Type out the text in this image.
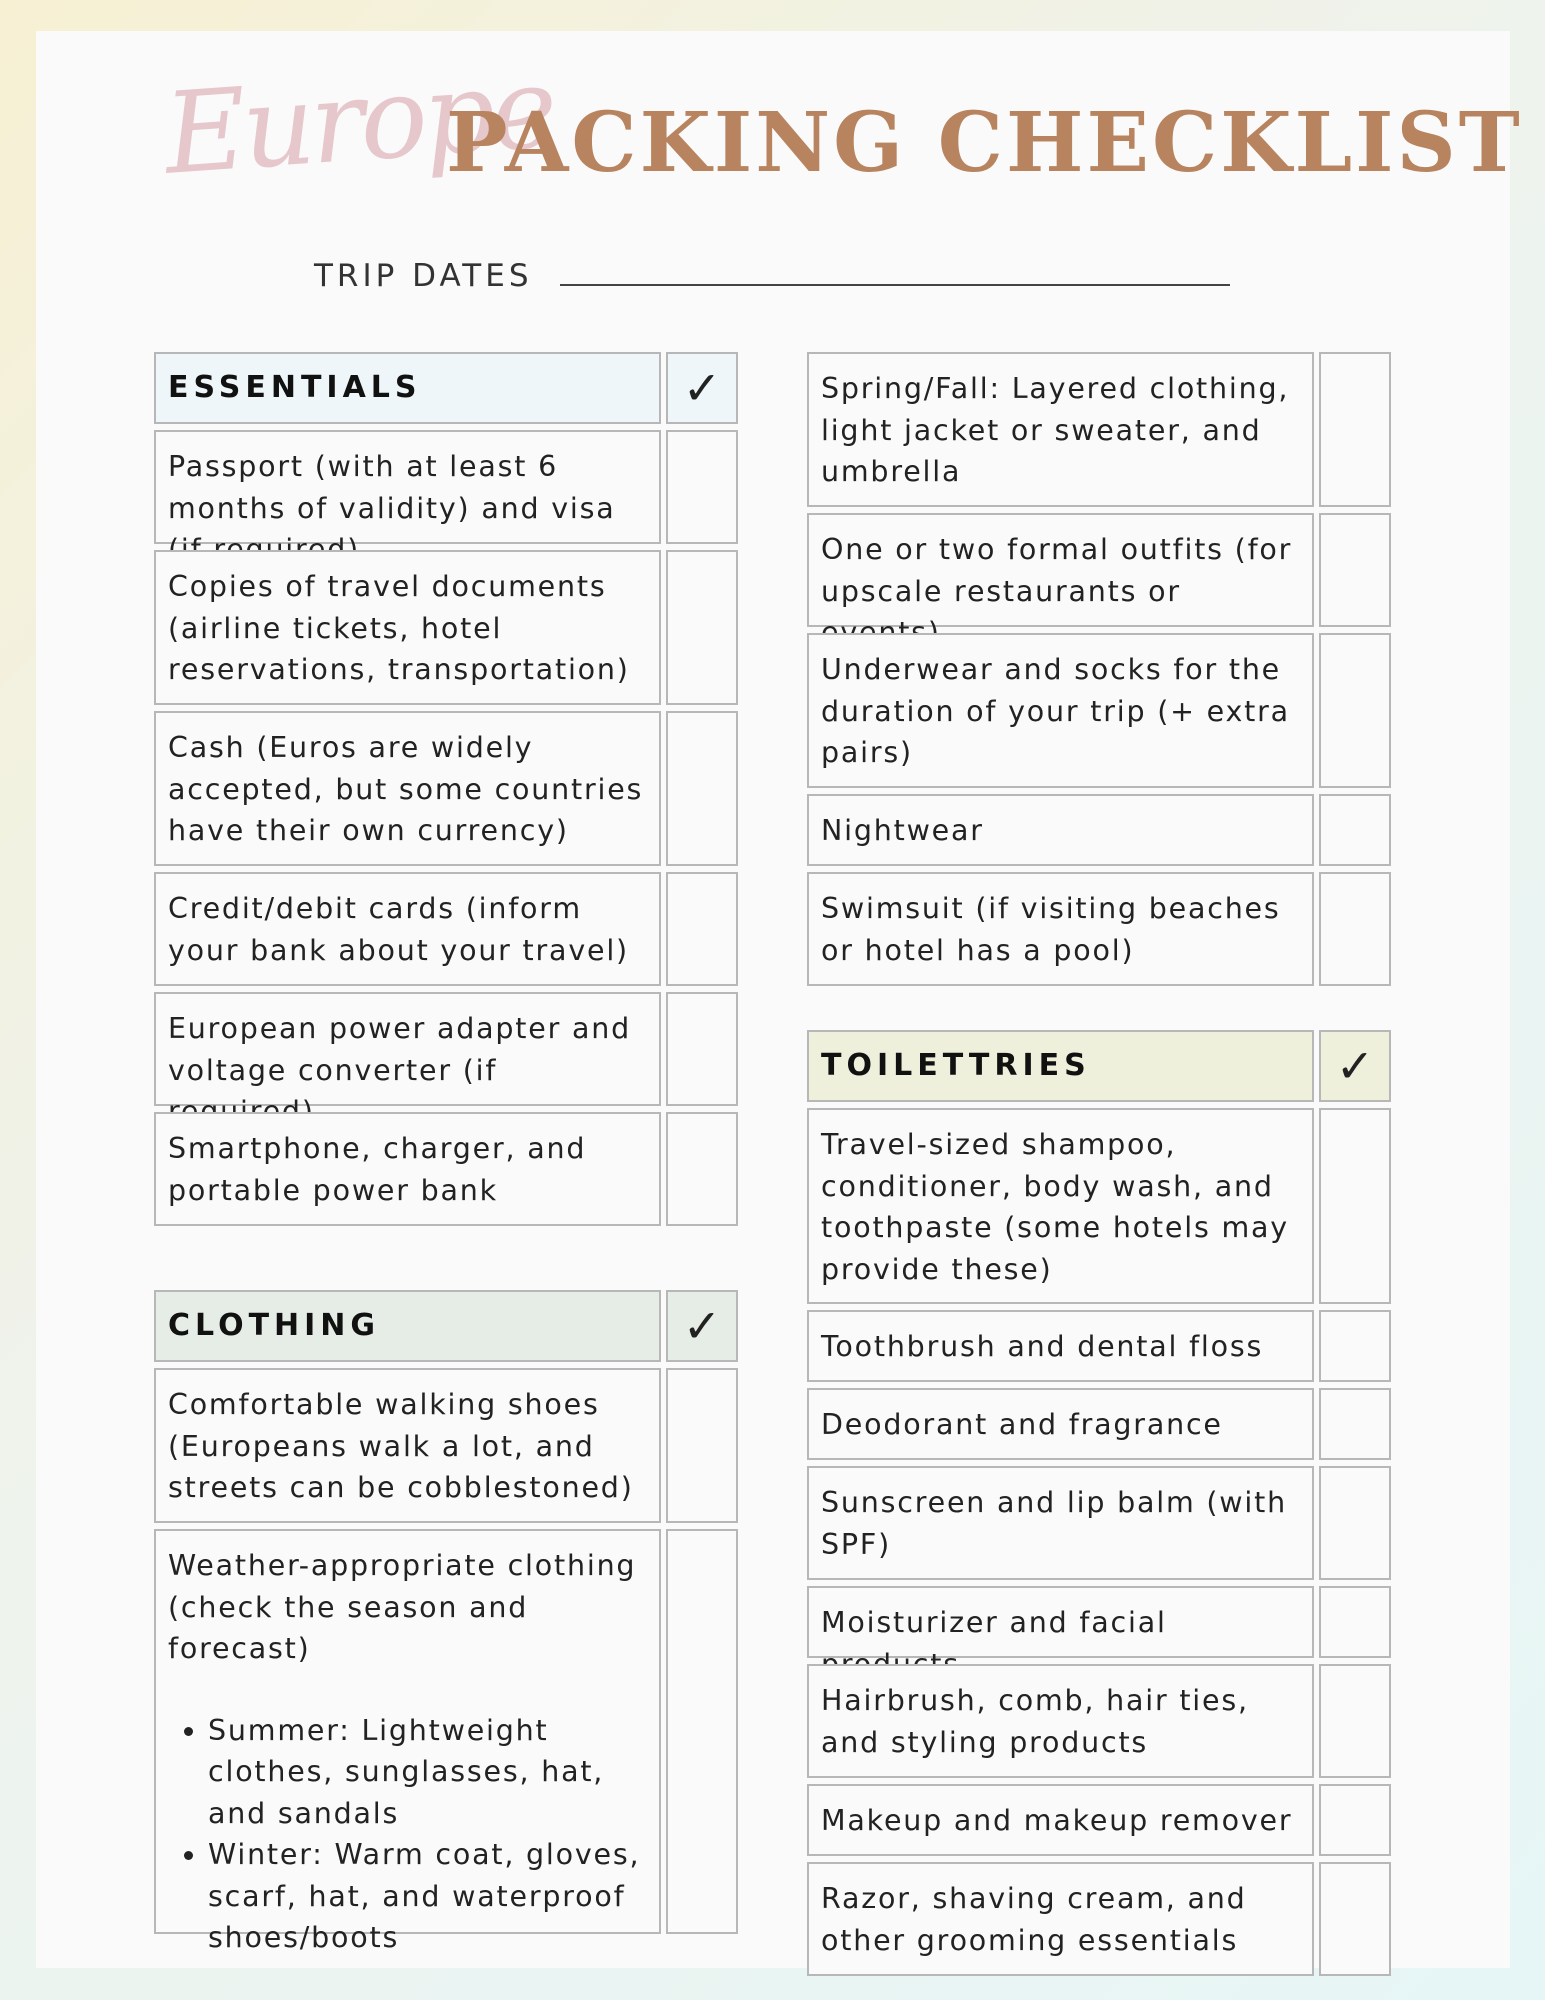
Europe
PACKING CHECKLIST
TRIP DATES
ESSENTIALS	✓
Passport (with at least 6 months of validity) and visa
Copies of travel documents (airline tickets, hotel reservations, transportation)
Cash (Euros are widely accepted, but some countries have their own currency)
Credit/debit cards (inform your bank about your travel)
European power adapter and voltage converter (if
Smartphone, charger, and portable power bank
CLOTHING	✓
Comfortable walking shoes (Europeans walk a lot, and streets can be cobblestoned)
Weather-appropriate clothing (check the season and forecast)
• Summer: Lightweight clothes, sunglasses, hat, and sandals
• Winter: Warm coat, gloves, scarf, hat, and waterproof shoes/boots
Spring/Fall: Layered clothing, light jacket or sweater, and umbrella
One or two formal outfits (for upscale restaurants or
Underwear and socks for the duration of your trip (+ extra pairs)
Nightwear
Swimsuit (if visiting beaches or hotel has a pool)
TOILETTRIES	✓
Travel-sized shampoo, conditioner, body wash, and toothpaste (some hotels may provide these)
Toothbrush and dental floss
Deodorant and fragrance
Sunscreen and lip balm (with SPF)
Moisturizer and facial
Hairbrush, comb, hair ties, and styling products
Makeup and makeup remover
Razor, shaving cream, and other grooming essentials
